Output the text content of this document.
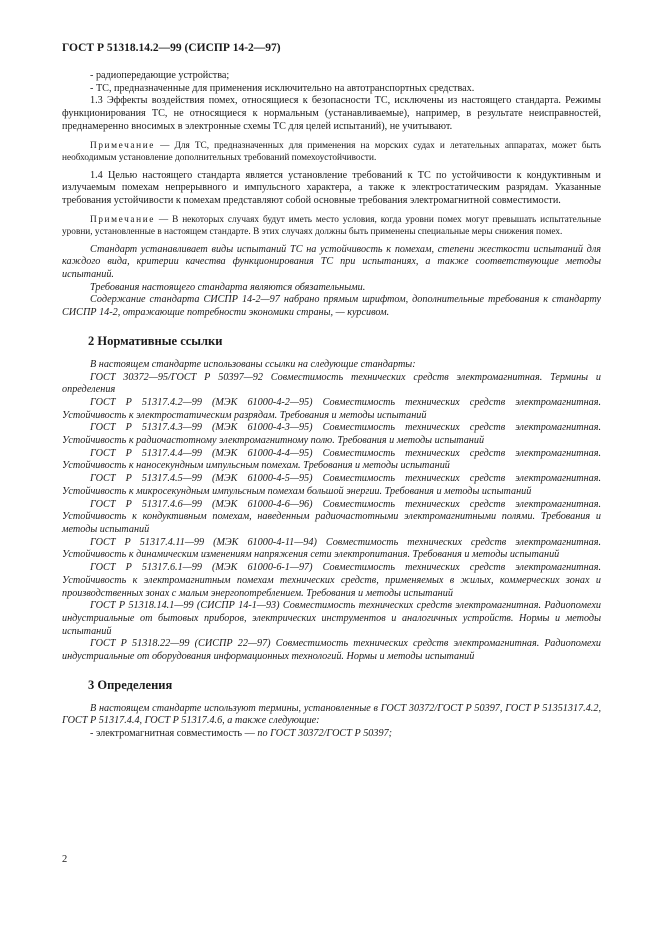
ГОСТ Р 51318.14.2—99 (СИСПР 14-2—97)

- радиопередающие устройства;

- ТС, предназначенные для применения исключительно на автотранспортных средствах.

1.3 Эффекты воздействия помех, относящиеся к безопасности ТС, исключены из настоящего стандарта. Режимы функционирования ТС, не относящиеся к нормальным (устанавливаемые), например, в результате неисправностей, преднамеренно вносимых в электронные схемы ТС для целей испытаний), не учитывают.

Примечание — Для ТС, предназначенных для применения на морских судах и летательных аппаратах, может быть необходимым установление дополнительных требований помехоустойчивости.

1.4 Целью настоящего стандарта является установление требований к ТС по устойчивости к кондуктивным и излучаемым помехам непрерывного и импульсного характера, а также к электростатическим разрядам. Указанные требования устойчивости к помехам представляют собой основные требования электромагнитной совместимости.

Примечание — В некоторых случаях будут иметь место условия, когда уровни помех могут превышать испытательные уровни, установленные в настоящем стандарте. В этих случаях должны быть применены специальные меры снижения помех.

Стандарт устанавливает виды испытаний ТС на устойчивость к помехам, степени жесткости испытаний для каждого вида, критерии качества функционирования ТС при испытаниях, а также соответствующие методы испытаний.

Требования настоящего стандарта являются обязательными.

Содержание стандарта СИСПР 14-2—97 набрано прямым шрифтом, дополнительные требования к стандарту СИСПР 14-2, отражающие потребности экономики страны, — курсивом.

2 Нормативные ссылки

В настоящем стандарте использованы ссылки на следующие стандарты:

ГОСТ 30372—95/ГОСТ Р 50397—92 Совместимость технических средств электромагнитная. Термины и определения

ГОСТ Р 51317.4.2—99 (МЭК 61000-4-2—95) Совместимость технических средств электромагнитная. Устойчивость к электростатическим разрядам. Требования и методы испытаний

ГОСТ Р 51317.4.3—99 (МЭК 61000-4-3—95) Совместимость технических средств электромагнитная. Устойчивость к радиочастотному электромагнитному полю. Требования и методы испытаний

ГОСТ Р 51317.4.4—99 (МЭК 61000-4-4—95) Совместимость технических средств электромагнитная. Устойчивость к наносекундным импульсным помехам. Требования и методы испытаний

ГОСТ Р 51317.4.5—99 (МЭК 61000-4-5—95) Совместимость технических средств электромагнитная. Устойчивость к микросекундным импульсным помехам большой энергии. Требования и методы испытаний

ГОСТ Р 51317.4.6—99 (МЭК 61000-4-6—96) Совместимость технических средств электромагнитная. Устойчивость к кондуктивным помехам, наведенным радиочастотными электромагнитными полями. Требования и методы испытаний

ГОСТ Р 51317.4.11—99 (МЭК 61000-4-11—94) Совместимость технических средств электромагнитная. Устойчивость к динамическим изменениям напряжения сети электропитания. Требования и методы испытаний

ГОСТ Р 51317.6.1—99 (МЭК 61000-6-1—97) Совместимость технических средств электромагнитная. Устойчивость к электромагнитным помехам технических средств, применяемых в жилых, коммерческих зонах и производственных зонах с малым энергопотреблением. Требования и методы испытаний

ГОСТ Р 51318.14.1—99 (СИСПР 14-1—93) Совместимость технических средств электромагнитная. Радиопомехи индустриальные от бытовых приборов, электрических инструментов и аналогичных устройств. Нормы и методы испытаний

ГОСТ Р 51318.22—99 (СИСПР 22—97) Совместимость технических средств электромагнитная. Радиопомехи индустриальные от оборудования информационных технологий. Нормы и методы испытаний

3 Определения

В настоящем стандарте используют термины, установленные в ГОСТ 30372/ГОСТ Р 50397, ГОСТ Р 51351317.4.2, ГОСТ Р 51317.4.4, ГОСТ Р 51317.4.6, а также следующие:

- электромагнитная совместимость — по ГОСТ 30372/ГОСТ Р 50397;

2
